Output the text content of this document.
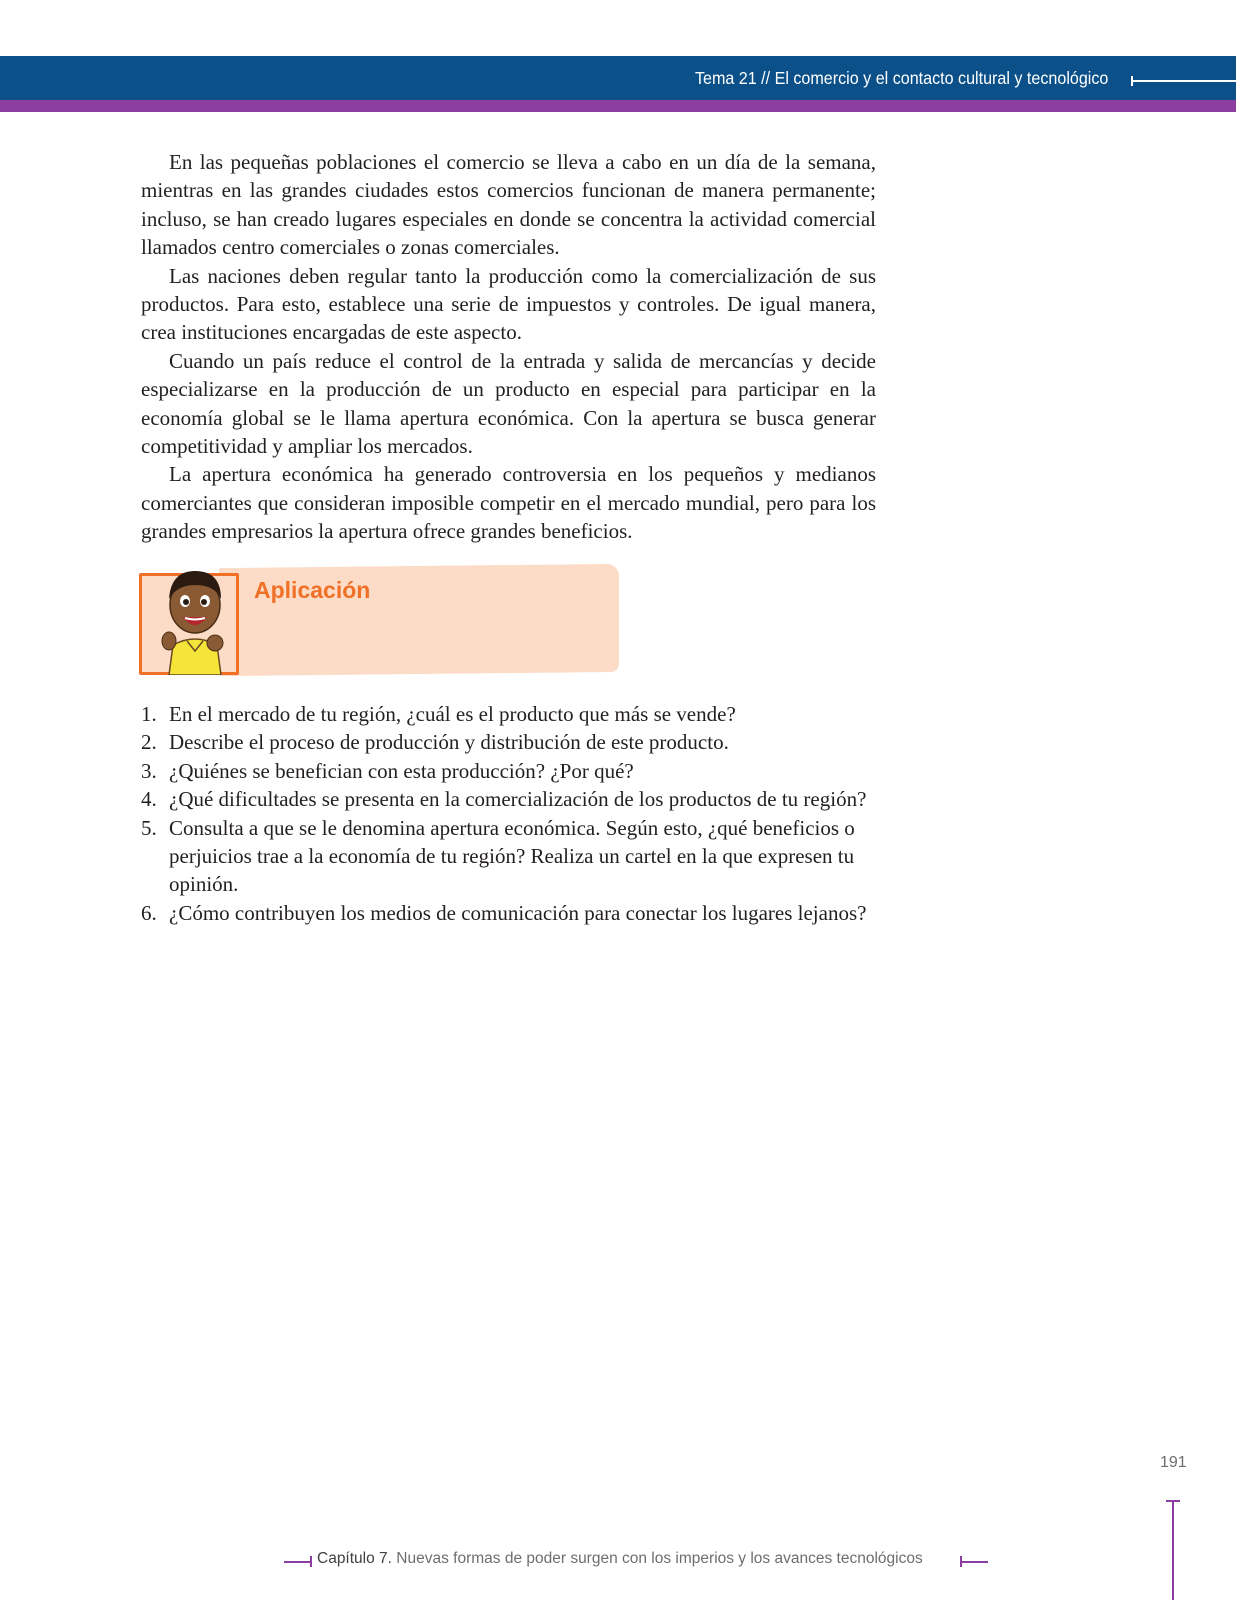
Tema 21 // El comercio y el contacto cultural y tecnológico

En las pequeñas poblaciones el comercio se lleva a cabo en un día de la semana, mientras en las grandes ciudades estos comercios funcionan de manera permanente; incluso, se han creado lugares especiales en donde se concentra la actividad comercial llamados centro comerciales o zonas comerciales.

Las naciones deben regular tanto la producción como la comercialización de sus productos. Para esto, establece una serie de impuestos y controles. De igual manera, crea instituciones encargadas de este aspecto.

Cuando un país reduce el control de la entrada y salida de mercancías y decide especializarse en la producción de un producto en especial para participar en la economía global se le llama apertura económica. Con la apertura se busca generar competitividad y ampliar los mercados.

La apertura económica ha generado controversia en los pequeños y medianos comerciantes que consideran imposible competir en el mercado mundial, pero para los grandes empresarios la apertura ofrece grandes beneficios.

Aplicación
1. En el mercado de tu región, ¿cuál es el producto que más se vende?
2. Describe el proceso de producción y distribución de este producto.
3. ¿Quiénes se benefician con esta producción? ¿Por qué?
4. ¿Qué dificultades se presenta en la comercialización de los productos de tu región?
5. Consulta a que se le denomina apertura económica. Según esto, ¿qué beneficios o perjuicios trae a la economía de tu región? Realiza un cartel en la que expresen tu opinión.
6. ¿Cómo contribuyen los medios de comunicación para conectar los lugares lejanos?
191
Capítulo 7. Nuevas formas de poder surgen con los imperios y los avances tecnológicos
